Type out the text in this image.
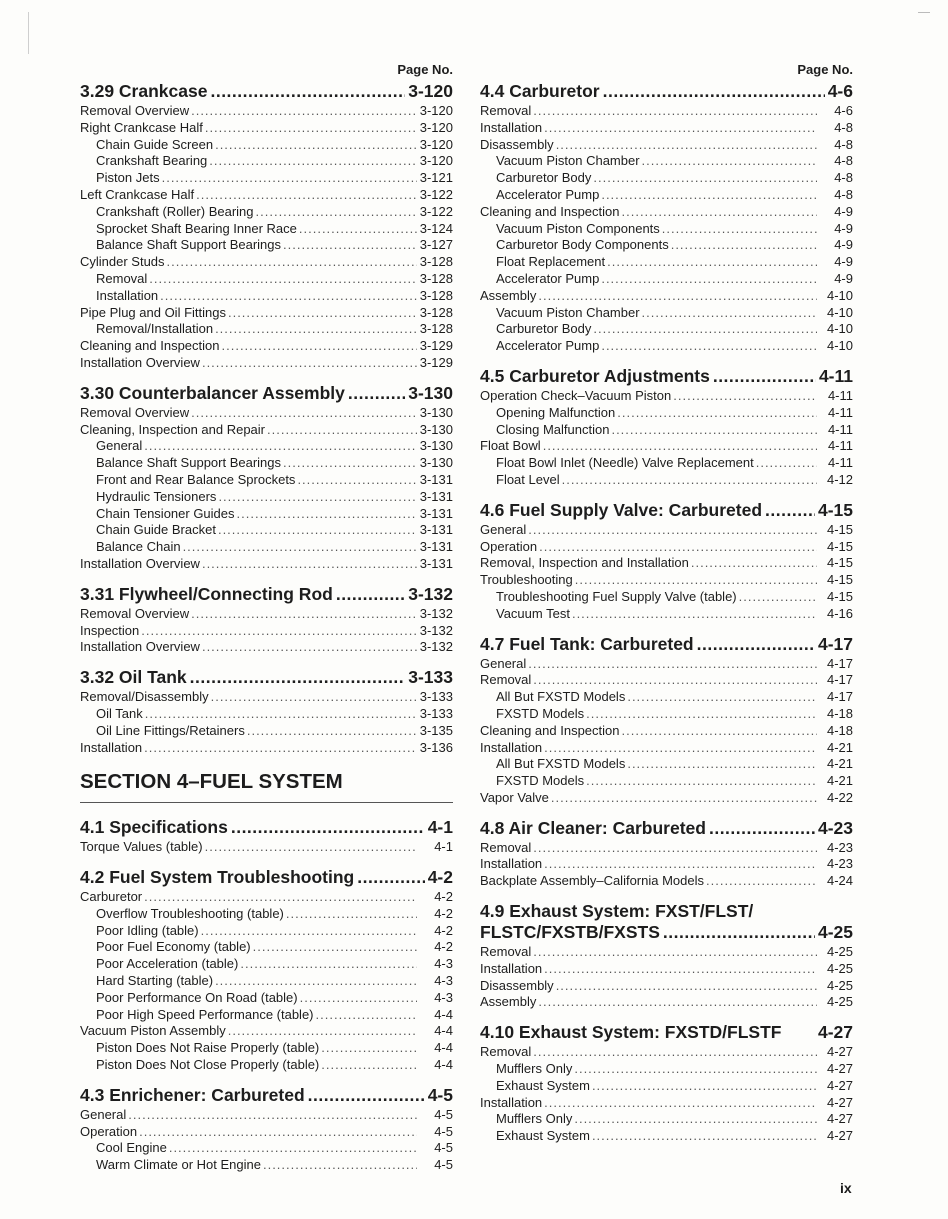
Page No.
3.29 Crankcase .....	3-120
Removal Overview .....	3-120
Right Crankcase Half .....	3-120
Chain Guide Screen .....	3-120
Crankshaft Bearing .....	3-120
Piston Jets .....	3-121
Left Crankcase Half .....	3-122
Crankshaft (Roller) Bearing .....	3-122
Sprocket Shaft Bearing Inner Race .....	3-124
Balance Shaft Support Bearings .....	3-127
Cylinder Studs .....	3-128
Removal .....	3-128
Installation .....	3-128
Pipe Plug and Oil Fittings .....	3-128
Removal/Installation .....	3-128
Cleaning and Inspection .....	3-129
Installation Overview .....	3-129
3.30 Counterbalancer Assembly .....	3-130
Removal Overview .....	3-130
Cleaning, Inspection and Repair .....	3-130
General .....	3-130
Balance Shaft Support Bearings .....	3-130
Front and Rear Balance Sprockets .....	3-131
Hydraulic Tensioners .....	3-131
Chain Tensioner Guides .....	3-131
Chain Guide Bracket .....	3-131
Balance Chain .....	3-131
Installation Overview .....	3-131
3.31 Flywheel/Connecting Rod .....	3-132
Removal Overview .....	3-132
Inspection .....	3-132
Installation Overview .....	3-132
3.32 Oil Tank .....	3-133
Removal/Disassembly .....	3-133
Oil Tank .....	3-133
Oil Line Fittings/Retainers .....	3-135
Installation .....	3-136
SECTION 4–FUEL SYSTEM
4.1 Specifications .....	4-1
Torque Values (table) .....	4-1
4.2 Fuel System Troubleshooting .....	4-2
Carburetor .....	4-2
Overflow Troubleshooting (table) .....	4-2
Poor Idling (table) .....	4-2
Poor Fuel Economy (table) .....	4-2
Poor Acceleration (table) .....	4-3
Hard Starting (table) .....	4-3
Poor Performance On Road (table) .....	4-3
Poor High Speed Performance (table) .....	4-4
Vacuum Piston Assembly .....	4-4
Piston Does Not Raise Properly (table) .....	4-4
Piston Does Not Close Properly (table) .....	4-4
4.3 Enrichener: Carbureted .....	4-5
General .....	4-5
Operation .....	4-5
Cool Engine .....	4-5
Warm Climate or Hot Engine .....	4-5
Page No.
4.4 Carburetor .....	4-6
Removal .....	4-6
Installation .....	4-8
Disassembly .....	4-8
Vacuum Piston Chamber .....	4-8
Carburetor Body .....	4-8
Accelerator Pump .....	4-8
Cleaning and Inspection .....	4-9
Vacuum Piston Components .....	4-9
Carburetor Body Components .....	4-9
Float Replacement .....	4-9
Accelerator Pump .....	4-9
Assembly .....	4-10
Vacuum Piston Chamber .....	4-10
Carburetor Body .....	4-10
Accelerator Pump .....	4-10
4.5 Carburetor Adjustments .....	4-11
Operation Check–Vacuum Piston .....	4-11
Opening Malfunction .....	4-11
Closing Malfunction .....	4-11
Float Bowl .....	4-11
Float Bowl Inlet (Needle) Valve Replacement .....	4-11
Float Level .....	4-12
4.6 Fuel Supply Valve: Carbureted .....	4-15
General .....	4-15
Operation .....	4-15
Removal, Inspection and Installation .....	4-15
Troubleshooting .....	4-15
Troubleshooting Fuel Supply Valve (table) .....	4-15
Vacuum Test .....	4-16
4.7 Fuel Tank: Carbureted .....	4-17
General .....	4-17
Removal .....	4-17
All But FXSTD Models .....	4-17
FXSTD Models .....	4-18
Cleaning and Inspection .....	4-18
Installation .....	4-21
All But FXSTD Models .....	4-21
FXSTD Models .....	4-21
Vapor Valve .....	4-22
4.8 Air Cleaner: Carbureted .....	4-23
Removal .....	4-23
Installation .....	4-23
Backplate Assembly–California Models .....	4-24
4.9 Exhaust System: FXST/FLST/
FLSTC/FXSTB/FXSTS .....	4-25
Removal .....	4-25
Installation .....	4-25
Disassembly .....	4-25
Assembly .....	4-25
4.10 Exhaust System: FXSTD/FLSTF 4-27
Removal .....	4-27
Mufflers Only .....	4-27
Exhaust System .....	4-27
Installation .....	4-27
Mufflers Only .....	4-27
Exhaust System .....	4-27
ix
